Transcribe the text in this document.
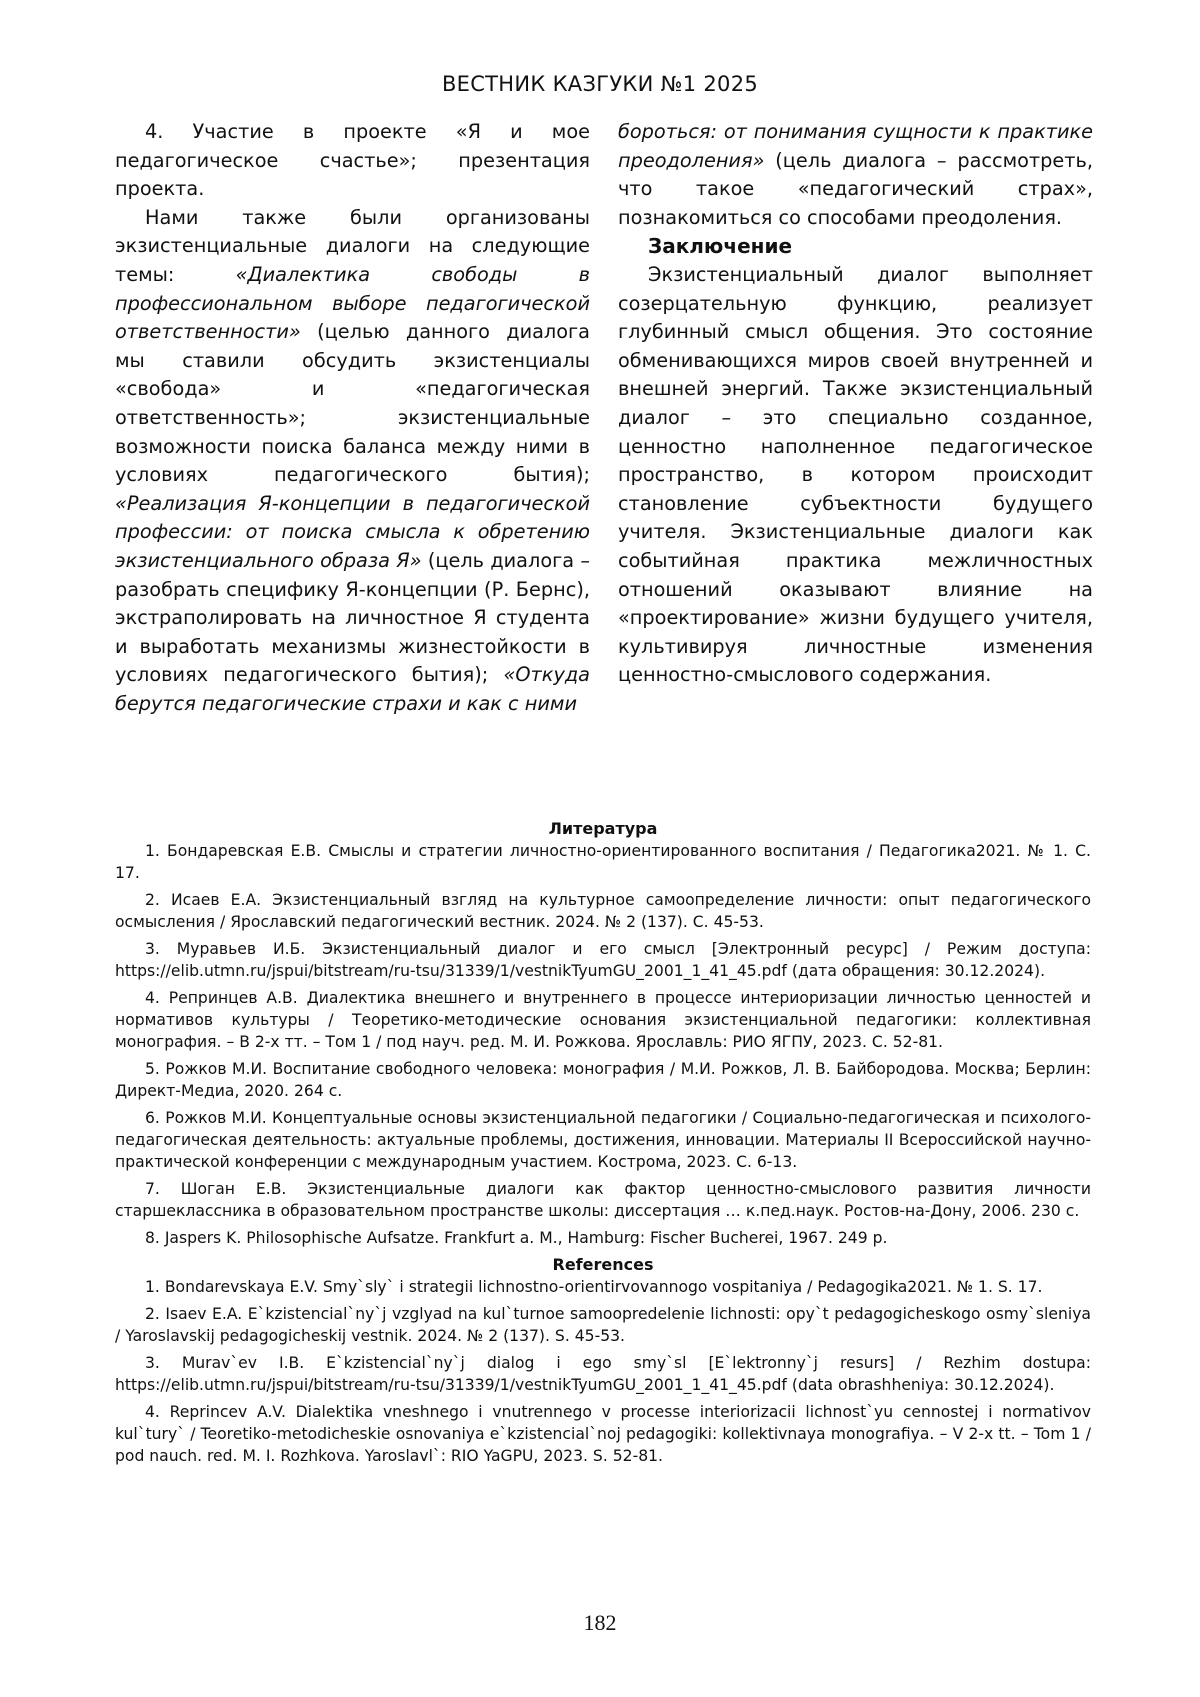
ВЕСТНИК КАЗГУКИ №1 2025

4. Участие в проекте «Я и мое педагогическое счастье»; презентация проекта.

Нами также были организованы экзистенциальные диалоги на следующие темы: «Диалектика свободы в профессиональном выборе педагогической ответственности» (целью данного диалога мы ставили обсудить экзистенциалы «свобода» и «педагогическая ответственность»; экзистенциальные возможности поиска баланса между ними в условиях педагогического бытия); «Реализация Я-концепции в педагогической профессии: от поиска смысла к обретению экзистенциального образа Я» (цель диалога – разобрать специфику Я-концепции (Р. Бернс), экстраполировать на личностное Я студента и выработать механизмы жизнестойкости в условиях педагогического бытия); «Откуда берутся педагогические страхи и как с ними

бороться: от понимания сущности к практике преодоления» (цель диалога – рассмотреть, что такое «педагогический страх», познакомиться со способами преодоления.

Заключение

Экзистенциальный диалог выполняет созерцательную функцию, реализует глубинный смысл общения. Это состояние обменивающихся миров своей внутренней и внешней энергий. Также экзистенциальный диалог – это специально созданное, ценностно наполненное педагогическое пространство, в котором происходит становление субъектности будущего учителя. Экзистенциальные диалоги как событийная практика межличностных отношений оказывают влияние на «проектирование» жизни будущего учителя, культивируя личностные изменения ценностно-смыслового содержания.

Литература

1. Бондаревская Е.В. Смыслы и стратегии личностно-ориентированного воспитания / Педагогика2021. № 1. С. 17.

2. Исаев Е.А. Экзистенциальный взгляд на культурное самоопределение личности: опыт педагогического осмысления / Ярославский педагогический вестник. 2024. № 2 (137). С. 45-53.

3. Муравьев И.Б. Экзистенциальный диалог и его смысл [Электронный ресурс] / Режим доступа: https://elib.utmn.ru/jspui/bitstream/ru-tsu/31339/1/vestnikTyumGU_2001_1_41_45.pdf (дата обращения: 30.12.2024).

4. Репринцев А.В. Диалектика внешнего и внутреннего в процессе интериоризации личностью ценностей и нормативов культуры / Теоретико-методические основания экзистенциальной педагогики: коллективная монография. – В 2-х тт. – Том 1 / под науч. ред. М. И. Рожкова. Ярославль: РИО ЯГПУ, 2023. С. 52-81.

5. Рожков М.И. Воспитание свободного человека: монография / М.И. Рожков, Л. В. Байбородова. Москва; Берлин: Директ-Медиа, 2020. 264 с.

6. Рожков М.И. Концептуальные основы экзистенциальной педагогики / Социально-педагогическая и психолого-педагогическая деятельность: актуальные проблемы, достижения, инновации. Материалы II Всероссийской научно-практической конференции с международным участием. Кострома, 2023. С. 6-13.

7. Шоган Е.В. Экзистенциальные диалоги как фактор ценностно-смыслового развития личности старшеклассника в образовательном пространстве школы: диссертация … к.пед.наук. Ростов-на-Дону, 2006. 230 с.

8. Jaspers K. Philosophische Aufsatze. Frankfurt a. M., Hamburg: Fischer Bucherei, 1967. 249 p.

References

1. Bondarevskaya E.V. Smy`sly` i strategii lichnostno-orientirvovannogo vospitaniya / Pedagogika2021. № 1. S. 17.

2. Isaev E.A. E`kzistencial`ny`j vzglyad na kul`turnoe samoopredelenie lichnosti: opy`t pedagogicheskogo osmy`sleniya / Yaroslavskij pedagogicheskij vestnik. 2024. № 2 (137). S. 45-53.

3. Murav`ev I.B. E`kzistencial`ny`j dialog i ego smy`sl [E`lektronny`j resurs] / Rezhim dostupa: https://elib.utmn.ru/jspui/bitstream/ru-tsu/31339/1/vestnikTyumGU_2001_1_41_45.pdf (data obrashheniya: 30.12.2024).

4. Reprincev A.V. Dialektika vneshnego i vnutrennego v processe interiorizacii lichnost`yu cennostej i normativov kul`tury` / Teoretiko-metodicheskie osnovaniya e`kzistencial`noj pedagogiki: kollektivnaya monografiya. – V 2-x tt. – Tom 1 / pod nauch. red. M. I. Rozhkova. Yaroslavl`: RIO YaGPU, 2023. S. 52-81.

182
